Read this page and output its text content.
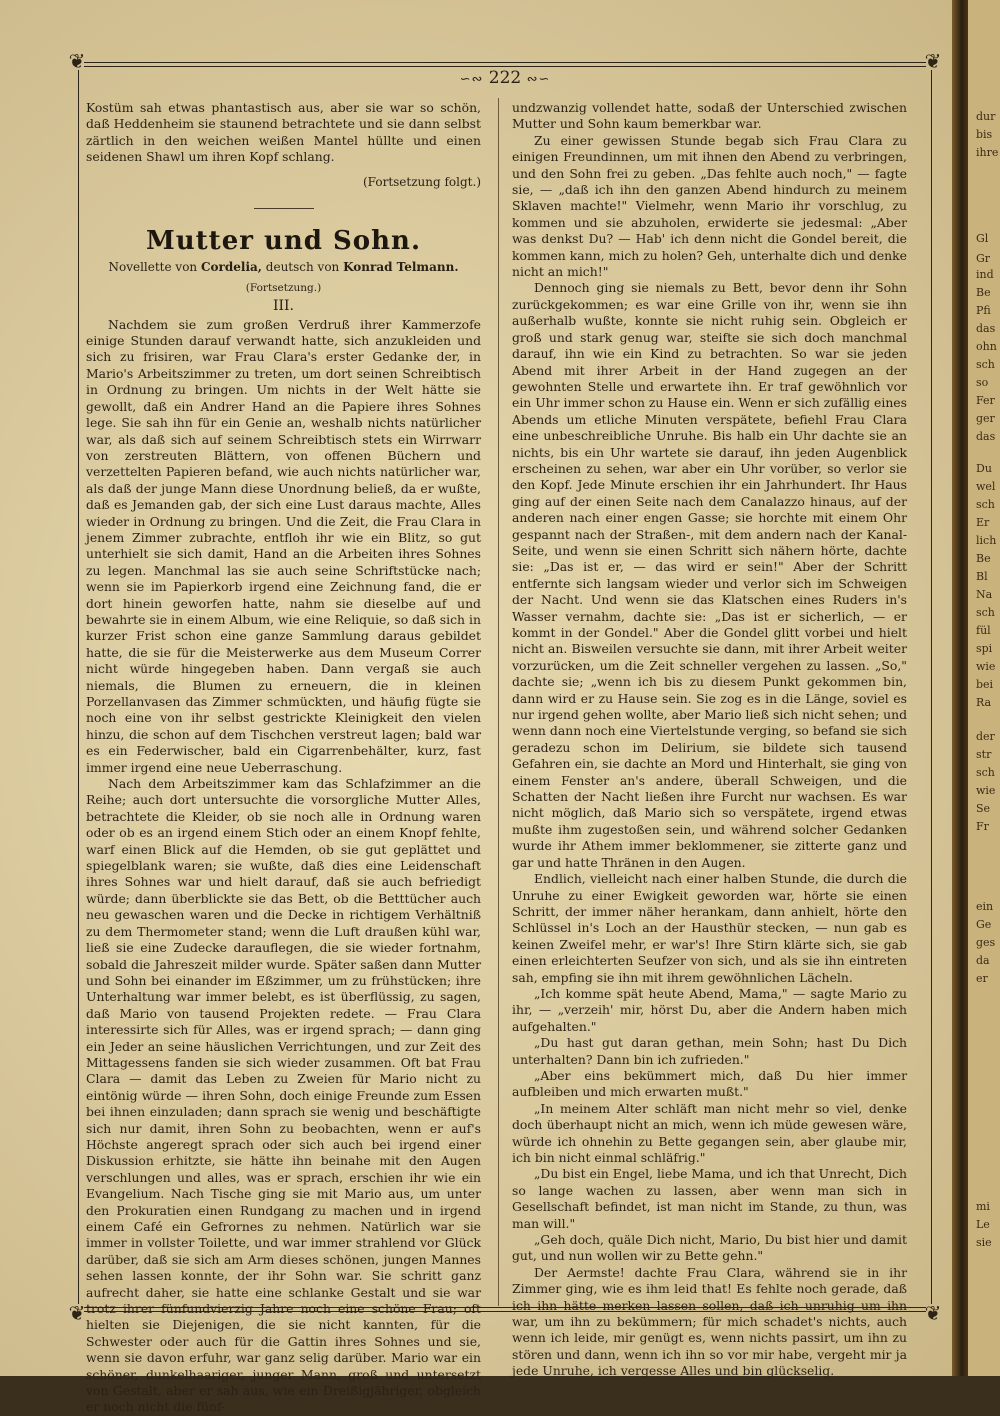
❦	❦
❦	❦
∽∾ 222 ∾∽

Kostüm sah etwas phantastisch aus, aber sie war so schön, daß Heddenheim sie staunend betrachtete und sie dann selbst zärtlich in den weichen weißen Mantel hüllte und einen seidenen Shawl um ihren Kopf schlang.

(Fortsetzung folgt.)

Mutter und Sohn.
Novellette von Cordelia, deutsch von Konrad Telmann.
(Fortsetzung.)
III.

Nachdem sie zum großen Verdruß ihrer Kammerzofe einige Stunden darauf verwandt hatte, sich anzukleiden und sich zu frisiren, war Frau Clara's erster Gedanke der, in Mario's Arbeitszimmer zu treten, um dort seinen Schreibtisch in Ordnung zu bringen. Um nichts in der Welt hätte sie gewollt, daß ein Andrer Hand an die Papiere ihres Sohnes lege. Sie sah ihn für ein Genie an, weshalb nichts natürlicher war, als daß sich auf seinem Schreibtisch stets ein Wirrwarr von zerstreuten Blättern, von offenen Büchern und verzettelten Papieren befand, wie auch nichts natürlicher war, als daß der junge Mann diese Unordnung beließ, da er wußte, daß es Jemanden gab, der sich eine Lust daraus machte, Alles wieder in Ordnung zu bringen. Und die Zeit, die Frau Clara in jenem Zimmer zubrachte, entfloh ihr wie ein Blitz, so gut unterhielt sie sich damit, Hand an die Arbeiten ihres Sohnes zu legen. Manchmal las sie auch seine Schriftstücke nach; wenn sie im Papierkorb irgend eine Zeichnung fand, die er dort hinein geworfen hatte, nahm sie dieselbe auf und bewahrte sie in einem Album, wie eine Reliquie, so daß sich in kurzer Frist schon eine ganze Sammlung daraus gebildet hatte, die sie für die Meisterwerke aus dem Museum Correr nicht würde hingegeben haben. Dann vergaß sie auch niemals, die Blumen zu erneuern, die in kleinen Porzellanvasen das Zimmer schmückten, und häufig fügte sie noch eine von ihr selbst gestrickte Kleinigkeit den vielen hinzu, die schon auf dem Tischchen verstreut lagen; bald war es ein Federwischer, bald ein Cigarrenbehälter, kurz, fast immer irgend eine neue Ueberraschung.

Nach dem Arbeitszimmer kam das Schlafzimmer an die Reihe; auch dort untersuchte die vorsorgliche Mutter Alles, betrachtete die Kleider, ob sie noch alle in Ordnung waren oder ob es an irgend einem Stich oder an einem Knopf fehlte, warf einen Blick auf die Hemden, ob sie gut geplättet und spiegelblank waren; sie wußte, daß dies eine Leidenschaft ihres Sohnes war und hielt darauf, daß sie auch befriedigt würde; dann überblickte sie das Bett, ob die Betttücher auch neu gewaschen waren und die Decke in richtigem Verhältniß zu dem Thermometer stand; wenn die Luft draußen kühl war, ließ sie eine Zudecke darauflegen, die sie wieder fortnahm, sobald die Jahreszeit milder wurde. Später saßen dann Mutter und Sohn bei einander im Eßzimmer, um zu frühstücken; ihre Unterhaltung war immer belebt, es ist überflüssig, zu sagen, daß Mario von tausend Projekten redete. — Frau Clara interessirte sich für Alles, was er irgend sprach; — dann ging ein Jeder an seine häuslichen Verrichtungen, und zur Zeit des Mittagessens fanden sie sich wieder zusammen. Oft bat Frau Clara — damit das Leben zu Zweien für Mario nicht zu eintönig würde — ihren Sohn, doch einige Freunde zum Essen bei ihnen einzuladen; dann sprach sie wenig und beschäftigte sich nur damit, ihren Sohn zu beobachten, wenn er auf's Höchste angeregt sprach oder sich auch bei irgend einer Diskussion erhitzte, sie hätte ihn beinahe mit den Augen verschlungen und alles, was er sprach, erschien ihr wie ein Evangelium. Nach Tische ging sie mit Mario aus, um unter den Prokuratien einen Rundgang zu machen und in irgend einem Café ein Gefrornes zu nehmen. Natürlich war sie immer in vollster Toilette, und war immer strahlend vor Glück darüber, daß sie sich am Arm dieses schönen, jungen Mannes sehen lassen konnte, der ihr Sohn war. Sie schritt ganz aufrecht daher, sie hatte eine schlanke Gestalt und sie war trotz ihrer fünfundvierzig Jahre noch eine schöne Frau; oft hielten sie Diejenigen, die sie nicht kannten, für die Schwester oder auch für die Gattin ihres Sohnes und sie, wenn sie davon erfuhr, war ganz selig darüber. Mario war ein schöner, dunkelhaariger, junger Mann, groß und untersetzt von Gestalt, aber er sah aus, wie ein Dreißigjähriger, obgleich er noch nicht die fünf-

undzwanzig vollendet hatte, sodaß der Unterschied zwischen Mutter und Sohn kaum bemerkbar war.

Zu einer gewissen Stunde begab sich Frau Clara zu einigen Freundinnen, um mit ihnen den Abend zu verbringen, und den Sohn frei zu geben. „Das fehlte auch noch," — fagte sie, — „daß ich ihn den ganzen Abend hindurch zu meinem Sklaven machte!" Vielmehr, wenn Mario ihr vorschlug, zu kommen und sie abzuholen, erwiderte sie jedesmal: „Aber was denkst Du? — Hab' ich denn nicht die Gondel bereit, die kommen kann, mich zu holen? Geh, unterhalte dich und denke nicht an mich!"

Dennoch ging sie niemals zu Bett, bevor denn ihr Sohn zurückgekommen; es war eine Grille von ihr, wenn sie ihn außerhalb wußte, konnte sie nicht ruhig sein. Obgleich er groß und stark genug war, steifte sie sich doch manchmal darauf, ihn wie ein Kind zu betrachten. So war sie jeden Abend mit ihrer Arbeit in der Hand zugegen an der gewohnten Stelle und erwartete ihn. Er traf gewöhnlich vor ein Uhr immer schon zu Hause ein. Wenn er sich zufällig eines Abends um etliche Minuten verspätete, befiehl Frau Clara eine unbeschreibliche Unruhe. Bis halb ein Uhr dachte sie an nichts, bis ein Uhr wartete sie darauf, ihn jeden Augenblick erscheinen zu sehen, war aber ein Uhr vorüber, so verlor sie den Kopf. Jede Minute erschien ihr ein Jahrhundert. Ihr Haus ging auf der einen Seite nach dem Canalazzo hinaus, auf der anderen nach einer engen Gasse; sie horchte mit einem Ohr gespannt nach der Straßen-, mit dem andern nach der Kanal-Seite, und wenn sie einen Schritt sich nähern hörte, dachte sie: „Das ist er, — das wird er sein!" Aber der Schritt entfernte sich langsam wieder und verlor sich im Schweigen der Nacht. Und wenn sie das Klatschen eines Ruders in's Wasser vernahm, dachte sie: „Das ist er sicherlich, — er kommt in der Gondel." Aber die Gondel glitt vorbei und hielt nicht an. Bisweilen versuchte sie dann, mit ihrer Arbeit weiter vorzurücken, um die Zeit schneller vergehen zu lassen. „So," dachte sie; „wenn ich bis zu diesem Punkt gekommen bin, dann wird er zu Hause sein. Sie zog es in die Länge, soviel es nur irgend gehen wollte, aber Mario ließ sich nicht sehen; und wenn dann noch eine Viertelstunde verging, so befand sie sich geradezu schon im Delirium, sie bildete sich tausend Gefahren ein, sie dachte an Mord und Hinterhalt, sie ging von einem Fenster an's andere, überall Schweigen, und die Schatten der Nacht ließen ihre Furcht nur wachsen. Es war nicht möglich, daß Mario sich so verspätete, irgend etwas mußte ihm zugestoßen sein, und während solcher Gedanken wurde ihr Athem immer beklommener, sie zitterte ganz und gar und hatte Thränen in den Augen.

Endlich, vielleicht nach einer halben Stunde, die durch die Unruhe zu einer Ewigkeit geworden war, hörte sie einen Schritt, der immer näher herankam, dann anhielt, hörte den Schlüssel in's Loch an der Hausthür stecken, — nun gab es keinen Zweifel mehr, er war's! Ihre Stirn klärte sich, sie gab einen erleichterten Seufzer von sich, und als sie ihn eintreten sah, empfing sie ihn mit ihrem gewöhnlichen Lächeln.

„Ich komme spät heute Abend, Mama," — sagte Mario zu ihr, — „verzeih' mir, hörst Du, aber die Andern haben mich aufgehalten."

„Du hast gut daran gethan, mein Sohn; hast Du Dich unterhalten? Dann bin ich zufrieden."

„Aber eins bekümmert mich, daß Du hier immer aufbleiben und mich erwarten mußt."

„In meinem Alter schläft man nicht mehr so viel, denke doch überhaupt nicht an mich, wenn ich müde gewesen wäre, würde ich ohnehin zu Bette gegangen sein, aber glaube mir, ich bin nicht einmal schläfrig."

„Du bist ein Engel, liebe Mama, und ich that Unrecht, Dich so lange wachen zu lassen, aber wenn man sich in Gesellschaft befindet, ist man nicht im Stande, zu thun, was man will."

„Geh doch, quäle Dich nicht, Mario, Du bist hier und damit gut, und nun wollen wir zu Bette gehn."

Der Aermste! dachte Frau Clara, während sie in ihr Zimmer ging, wie es ihm leid that! Es fehlte noch gerade, daß ich ihn hätte merken lassen sollen, daß ich unruhig um ihn war, um ihn zu bekümmern; für mich schadet's nichts, auch wenn ich leide, mir genügt es, wenn nichts passirt, um ihn zu stören und dann, wenn ich ihn so vor mir habe, vergeht mir ja jede Unruhe, ich vergesse Alles und bin glückselig.

dur
bis
ihre
Gl
Gr
ind
Be
Pfi
das
ohn
sch
so
Fer
ger
das
Du
wel
sch
Er
lich
Be
Bl
Na
sch
fül
spi
wie
bei
Ra
der
str
sch
wie
Se
Fr
ein
Ge
ges
da
er
mi
Le
sie
